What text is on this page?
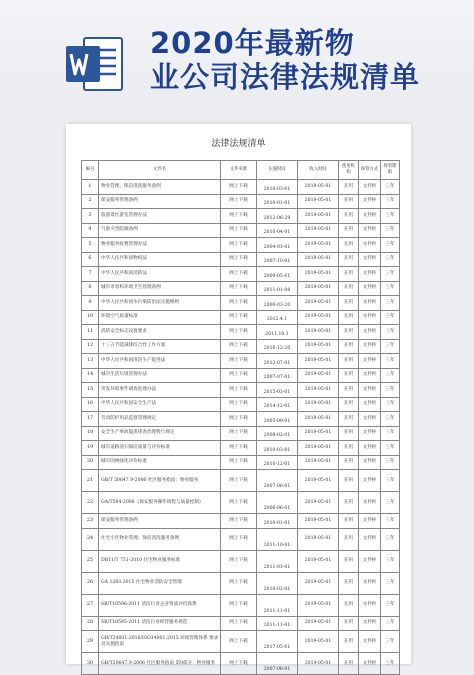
2020年最新物
业公司法律法规清单
法律法规清单
编号	文件名	文件来源	实施时间	收入时间	使用机构	保管方式	保管期限
1	物业管理，保洁清洗服务条例	网上下载	2016-03-01	2019-05-01	在用	文件柜	三年
2	保安服务管理条例	网上下载	2010-01-01	2019-05-01	在用	文件柜	三年
3	旅游景区游览管理办法	网上下载	2012-06-29	2019-05-01	在用	文件柜	三年
4	气象灾害防御条例	网上下载	2010-04-01	2019-05-01	在用	文件柜	三年
5	物业服务收费管理办法	网上下载	2004-01-01	2019-05-01	在用	文件柜	三年
6	中华人民共和国物权法	网上下载	2007-10-01	2019-05-01	在用	文件柜	三年
7	中华人民共和国消防法	网上下载	2009-05-01	2019-05-01	在用	文件柜	三年
8	城市市容和环境卫生管理条例	网上下载	2011-01-08	2019-05-01	在用	文件柜	三年
9	中华人民共和国水污染防治法实施细则	网上下载	2000-03-20	2019-05-01	在用	文件柜	三年
10	环境空气质量标准	网上下载	2012.4.1	2019-05-01	在用	文件柜	三年
11	消防安全标志设置要求	网上下载	2011.10.1	2019-05-01	在用	文件柜	三年
12	十三五节能减排综合性工作方案	网上下载	2016-12-20	2019-05-01	在用	文件柜	三年
13	中华人民共和国清洁生产促进法	网上下载	2012-07-01	2019-05-01	在用	文件柜	三年
14	城市生活垃圾管理办法	网上下载	2007-07-01	2019-05-01	在用	文件柜	三年
15	突发环境事件调查处理办法	网上下载	2015-03-01	2019-05-01	在用	文件柜	三年
16	中华人民共和国安全生产法	网上下载	2014-12-01	2019-05-01	在用	文件柜	三年
17	劳动防护用品监督管理规定	网上下载	2005-09-01	2019-05-01	在用	文件柜	三年
18	安全生产事故隐患排查治理暂行规定	网上下载	2008-02-01	2019-05-01	在用	文件柜	三年
19	城市道路清扫保洁质量与评价标准	网上下载	2010-03-01	2019-05-01	在用	文件柜	三年
20	城市园林绿化评价标准	网上下载	2010-12-01	2019-05-01	在用	文件柜	三年
21	GB/T 20647.9-2006 社区服务指南：物业服务	网上下载	2007-06-01	2019-05-01	在用	文件柜	三年
22	GA/T594-2006《保安服务操作规程与质量控制》	网上下载	2006-06-01	2019-05-01	在用	文件柜	三年
23	保安服务管理条例	网上下载	2010-01-01	2019-05-01	在用	文件柜	三年
24	住宅小区物业管理、保洁清洗服务条例	网上下载	2011-10-01	2019-05-01	在用	文件柜	三年
25	DB11/T 751-2010 住宅物业服务标准	网上下载	2011-01-01	2019-05-01	在用	文件柜	三年
26	GA 1283-2015 住宅物业消防安全管理	网上下载	2016-02-01	2019-05-01	在用	文件柜	三年
27	SB/T10596-2011 清洁行业企业资质评价体系	网上下载	2011-11-01	2019-05-01	在用	文件柜	三年
28	SB/T10595-2011 清洁行业经营服务规范	网上下载	2011-11-01	2019-05-01	在用	文件柜	三年
29	GB/T24001-2016/ISO14001:2015 环境管理体系 要求及实施指南	网上下载	2017-05-01	2019-05-01	在用	文件柜	三年
30	GB/T20647.9-2006 社区服务指南 第9部分：物业服务	网上下载	2007-06-01	2019-05-01	在用	文件柜	三年
